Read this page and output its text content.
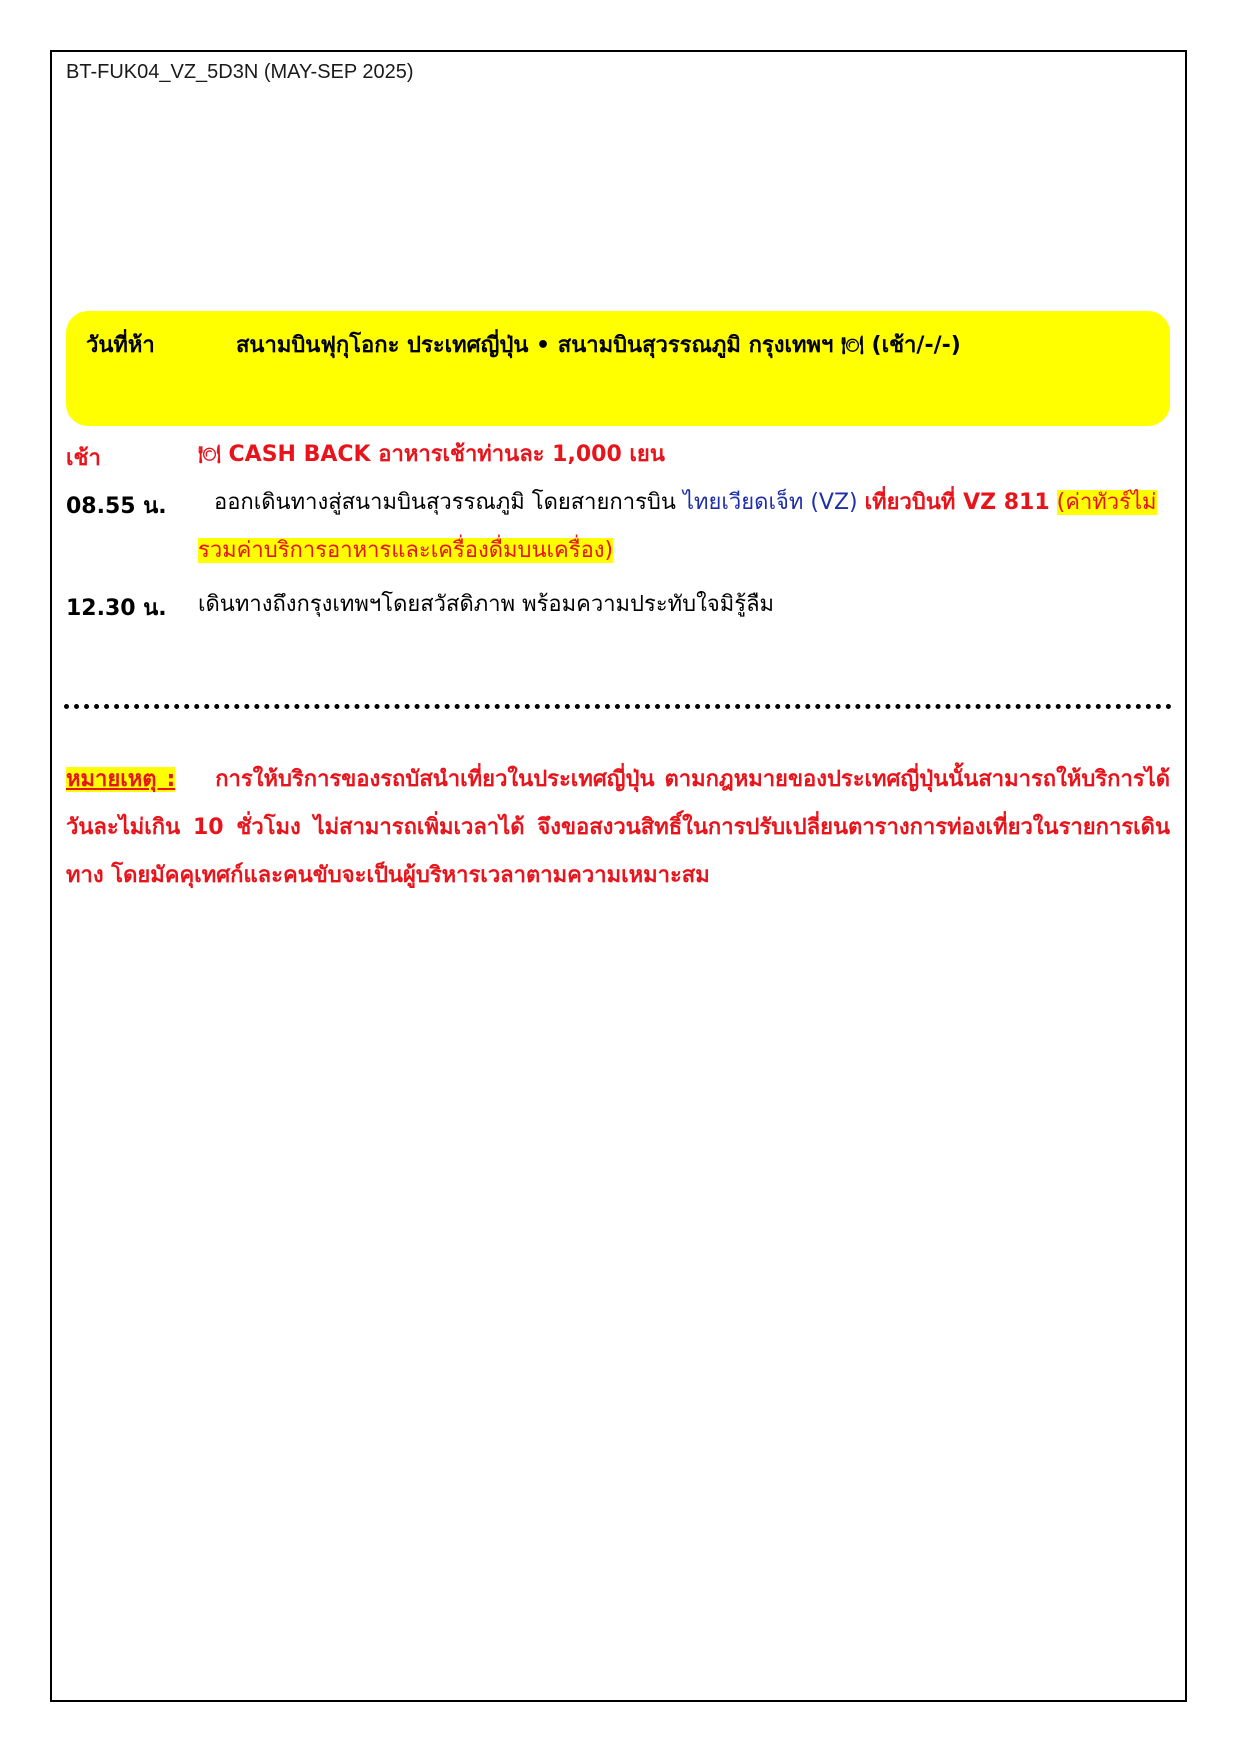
BT-FUK04_VZ_5D3N (MAY-SEP 2025)
วันที่ห้า	สนามบินฟุกุโอกะ ประเทศญี่ปุ่น • สนามบินสุวรรณภูมิ กรุงเทพฯ 🍽 (เช้า/-/-)
เช้า	🍽 CASH BACK อาหารเช้าท่านละ 1,000 เยน
08.55 น.	ออกเดินทางสู่สนามบินสุวรรณภูมิ โดยสายการบิน ไทยเวียดเจ็ท (VZ) เที่ยวบินที่ VZ 811 (ค่าทัวร์ไม่รวมค่าบริการอาหารและเครื่องดื่มบนเครื่อง)
12.30 น. เดินทางถึงกรุงเทพฯโดยสวัสดิภาพ พร้อมความประทับใจมิรู้ลืม
หมายเหตุ : การให้บริการของรถบัสนำเที่ยวในประเทศญี่ปุ่น ตามกฎหมายของประเทศญี่ปุ่นนั้นสามารถให้บริการได้วันละไม่เกิน 10 ชั่วโมง ไม่สามารถเพิ่มเวลาได้ จึงขอสงวนสิทธิ์ในการปรับเปลี่ยนตารางการท่องเที่ยวในรายการเดินทาง โดยมัคคุเทศก์และคนขับจะเป็นผู้บริหารเวลาตามความเหมาะสม
